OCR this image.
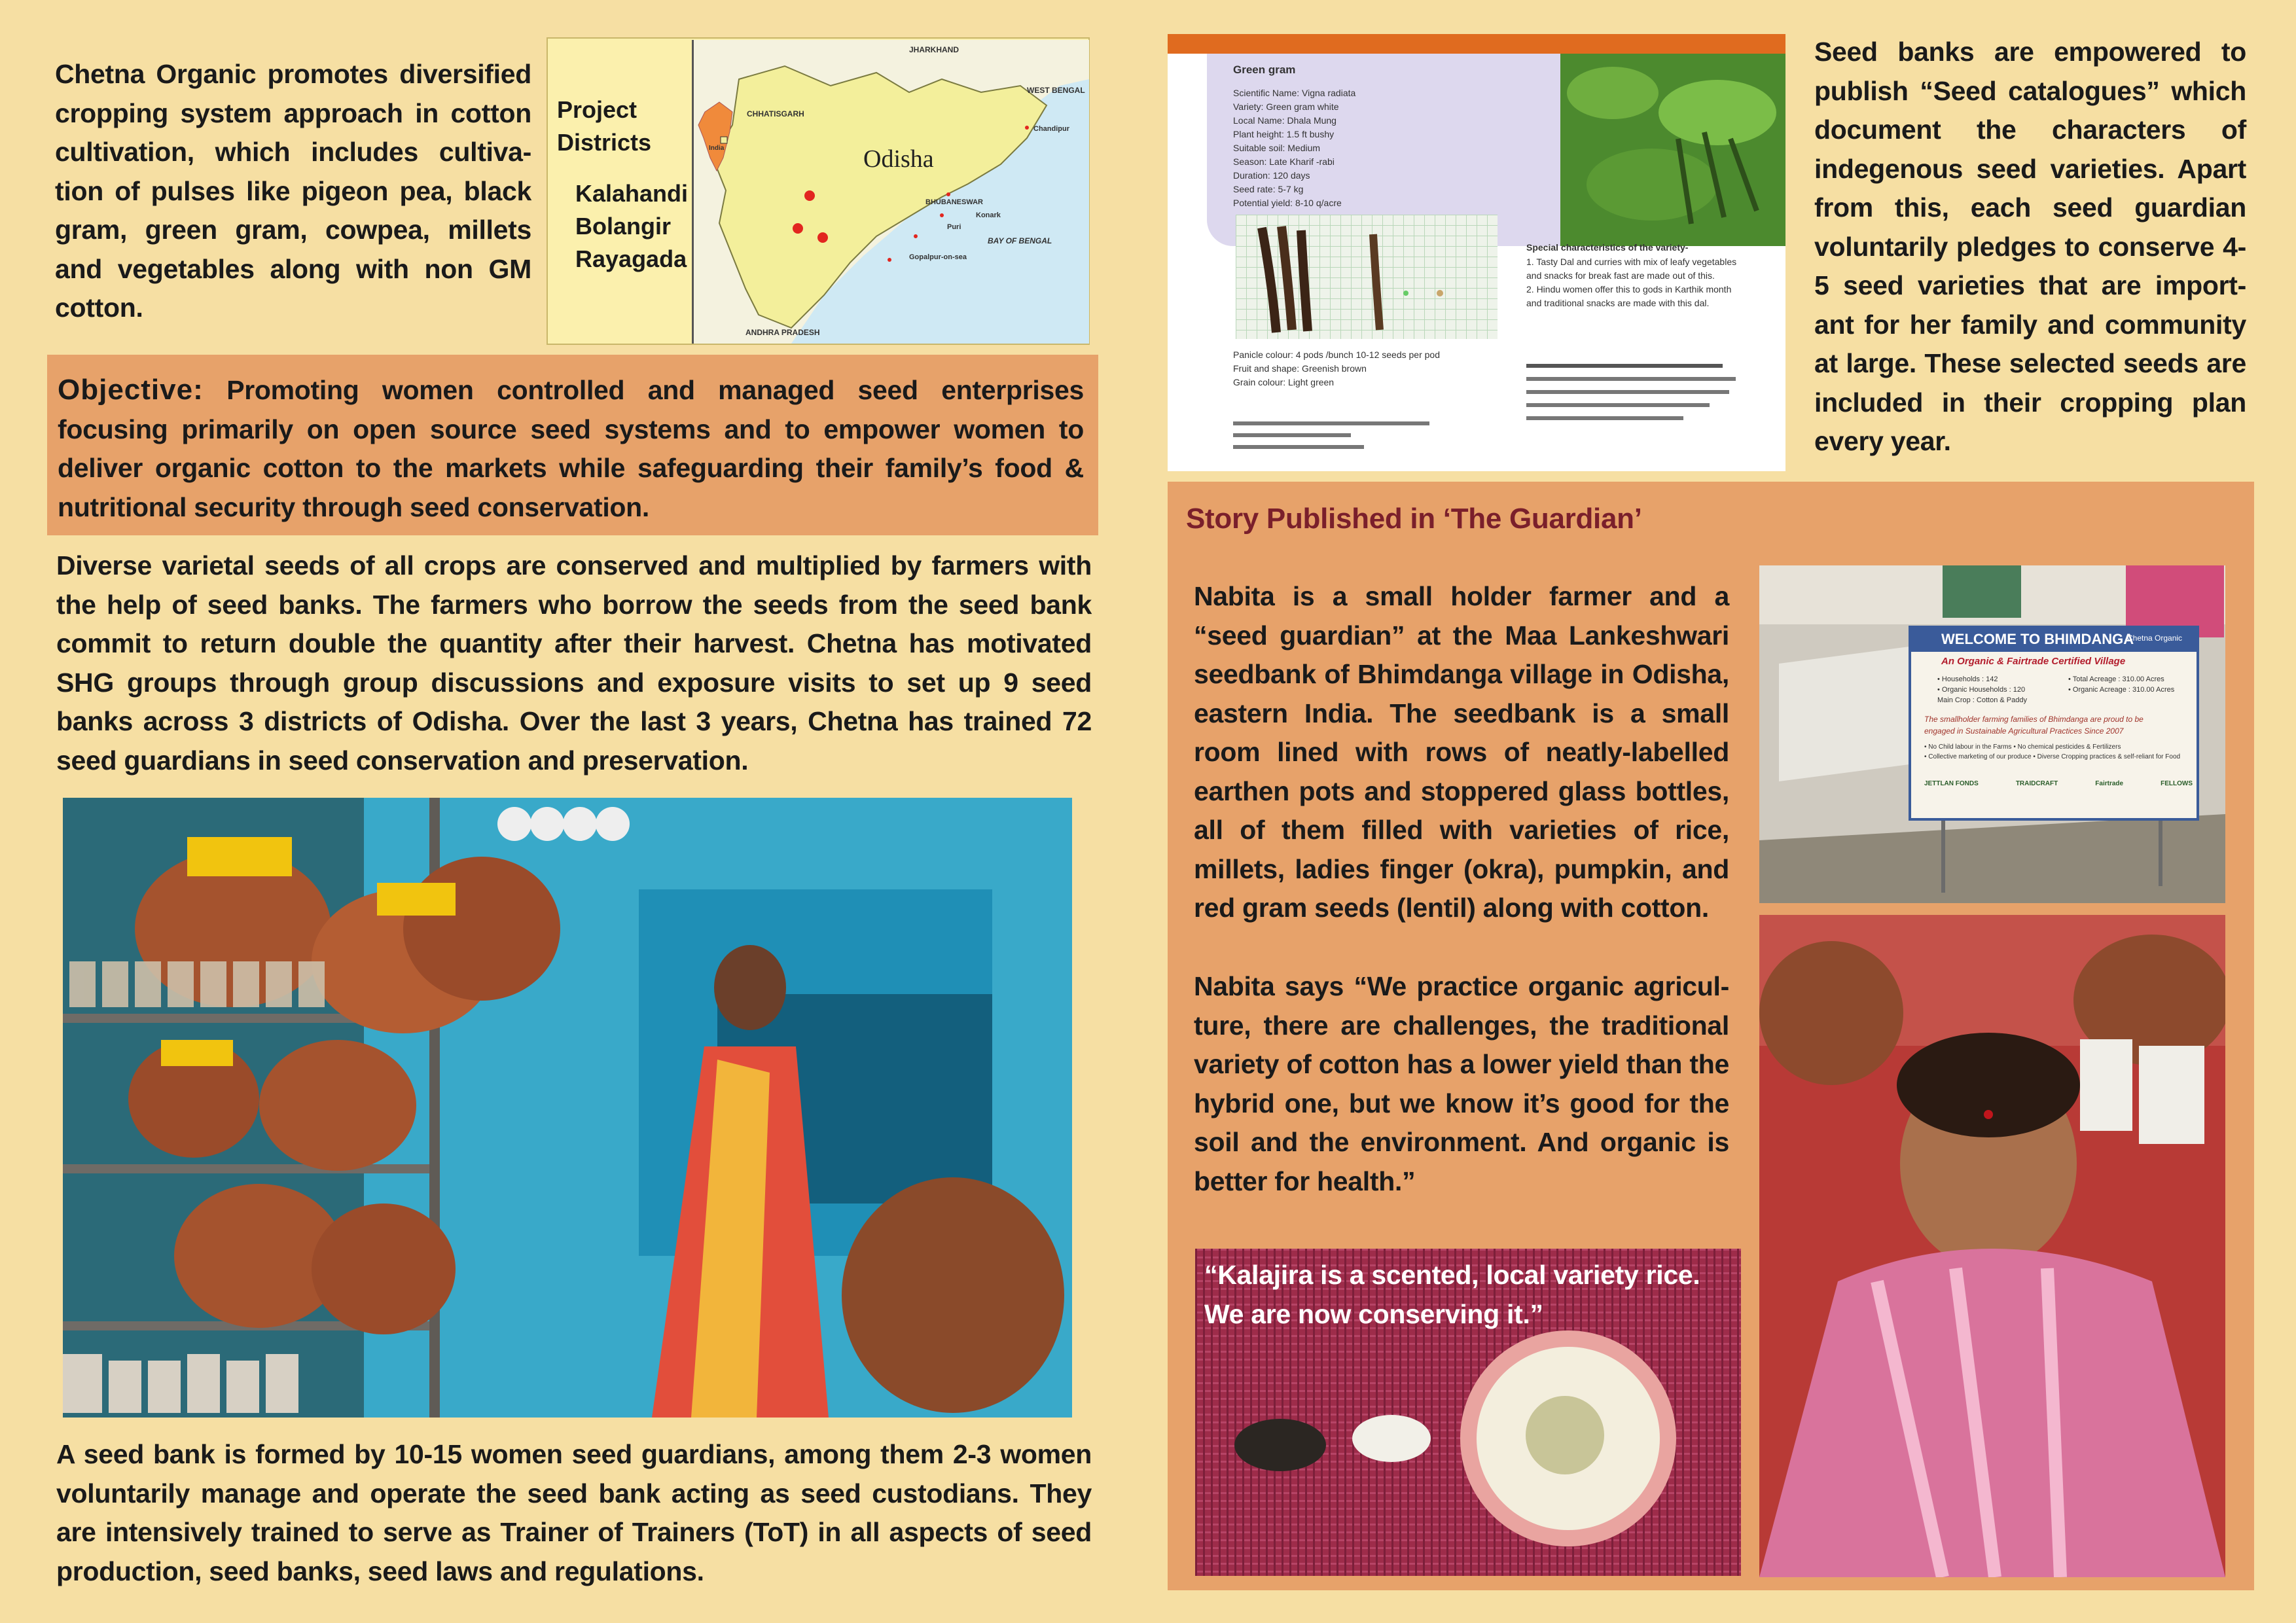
Chetna Organic promotes diversified cropping system approach in cotton cultivation, which includes cultiva-tion of pulses like pigeon pea, black gram, green gram, cowpea, millets and vegetables along with non GM cotton.
Project
Districts
Kalahandi
Bolangir
Rayagada
JHARKHAND
WEST BENGAL
CHHATISGARH
ANDHRA PRADESH
BAY OF BENGAL
BHUBANESWAR
Chandipur
Konark
Puri
Gopalpur-on-sea
India	Odisha
Objective: Promoting women controlled and managed seed enterprises focusing primarily on open source seed systems and to empower women to deliver organic cotton to the markets while safeguarding their family’s food & nutritional security through seed conservation.
Diverse varietal seeds of all crops are conserved and multiplied by farmers with the help of seed banks. The farmers who borrow the seeds from the seed bank commit to return double the quantity after their harvest. Chetna has motivated SHG groups through group discussions and exposure visits to set up 9 seed banks across 3 districts of Odisha. Over the last 3 years, Chetna has trained 72 seed guardians in seed conservation and preservation.
A seed bank is formed by 10-15 women seed guardians, among them 2-3 women voluntarily manage and operate the seed bank acting as seed custodians. They are intensively trained to serve as Trainer of Trainers (ToT) in all aspects of seed production, seed banks, seed laws and regulations.
Green gram
Scientific Name: Vigna radiata
Variety: Green gram white
Local Name: Dhala Mung
Plant height: 1.5 ft bushy
Suitable soil: Medium
Season: Late Kharif -rabi
Duration: 120 days
Seed rate: 5-7 kg
Potential yield: 8-10 q/acre
Special characteristics of the variety-
1. Tasty Dal and curries with mix of leafy vegetables
and snacks for break fast are made out of this.
2. Hindu women offer this to gods in Karthik month
and traditional snacks are made with this dal.
Panicle colour: 4 pods /bunch 10-12 seeds per pod
Fruit and shape: Greenish brown
Grain colour: Light green
Seed banks are empowered to publish “Seed catalogues” which document the characters of indegenous seed varieties. Apart from this, each seed guardian voluntarily pledges to conserve 4-5 seed varieties that are import-ant for her family and community at large. These selected seeds are included in their cropping plan every year.
Story Published in ‘The Guardian’
Nabita is a small holder farmer and a “seed guardian” at the Maa Lankeshwari seedbank of Bhimdanga village in Odisha, eastern India. The seedbank is a small room lined with rows of neatly-labelled earthen pots and stoppered glass bottles, all of them filled with varieties of rice, millets, ladies finger (okra), pumpkin, and red gram seeds (lentil) along with cotton.
Nabita says “We practice organic agricul-ture, there are challenges, the traditional variety of cotton has a lower yield than the hybrid one, but we know it’s good for the soil and the environment. And organic is better for health.”
“Kalajira is a scented, local variety rice.
We are now conserving it.”
WELCOME TO BHIMDANGA
Chetna Organic
An Organic & Fairtrade Certified Village
• Households : 142
• Organic Households : 120
Main Crop : Cotton & Paddy
• Total Acreage : 310.00 Acres
• Organic Acreage : 310.00 Acres
The smallholder farming families of Bhimdanga are proud to be
engaged in Sustainable Agricultural Practices Since 2007
• No Child labour in the Farms • No chemical pesticides & Fertilizers
• Collective marketing of our produce • Diverse Cropping practices & self-reliant for Food
JETTLAN FONDS	TRAIDCRAFT	Fairtrade	FELLOWS
